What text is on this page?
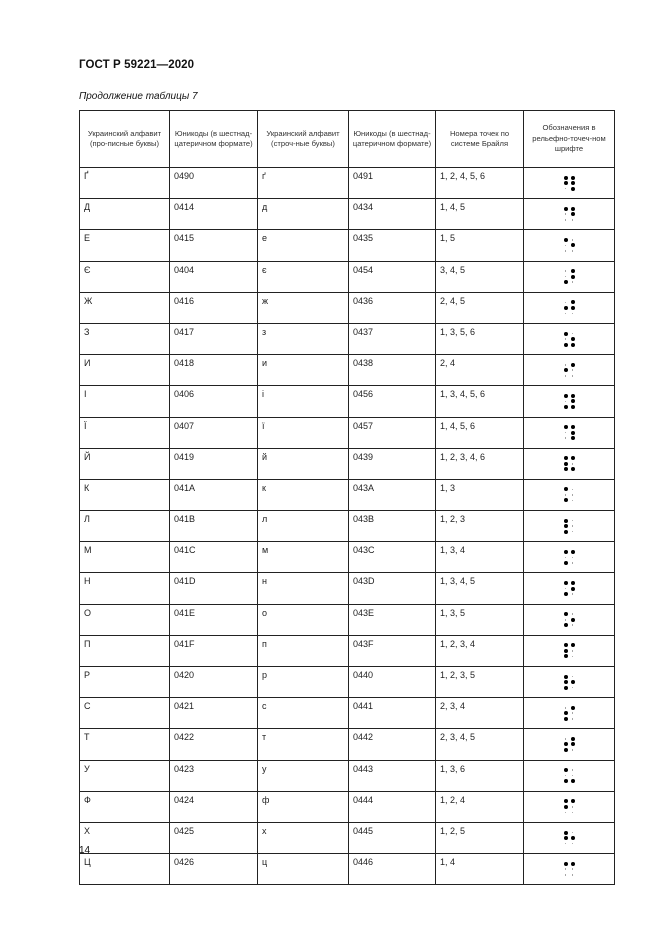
ГОСТ Р 59221—2020
Продолжение таблицы 7
Украинский алфавит (про-писные буквы)	Юникоды (в шестнад-цатеричном формате)	Украинский алфавит (строч-ные буквы)	Юникоды (в шестнад-цатеричном формате)	Номера точек по системе Брайля	Обозначения в рельефно-точеч-ном шрифте
Ґ	0490	ґ	0491	1, 2, 4, 5, 6	

Д	0414	д	0434	1, 4, 5	

Е	0415	е	0435	1, 5	

Є	0404	є	0454	3, 4, 5	

Ж	0416	ж	0436	2, 4, 5	

З	0417	з	0437	1, 3, 5, 6	

И	0418	и	0438	2, 4	

І	0406	і	0456	1, 3, 4, 5, 6	

Ї	0407	ї	0457	1, 4, 5, 6	

Й	0419	й	0439	1, 2, 3, 4, 6	

К	041A	к	043A	1, 3	

Л	041B	л	043B	1, 2, 3	

М	041C	м	043C	1, 3, 4	

Н	041D	н	043D	1, 3, 4, 5	

О	041E	о	043E	1, 3, 5	

П	041F	п	043F	1, 2, 3, 4	

Р	0420	р	0440	1, 2, 3, 5	

С	0421	с	0441	2, 3, 4	

Т	0422	т	0442	2, 3, 4, 5	

У	0423	у	0443	1, 3, 6	

Ф	0424	ф	0444	1, 2, 4	

Х	0425	х	0445	1, 2, 5	

Ц	0426	ц	0446	1, 4	
14
